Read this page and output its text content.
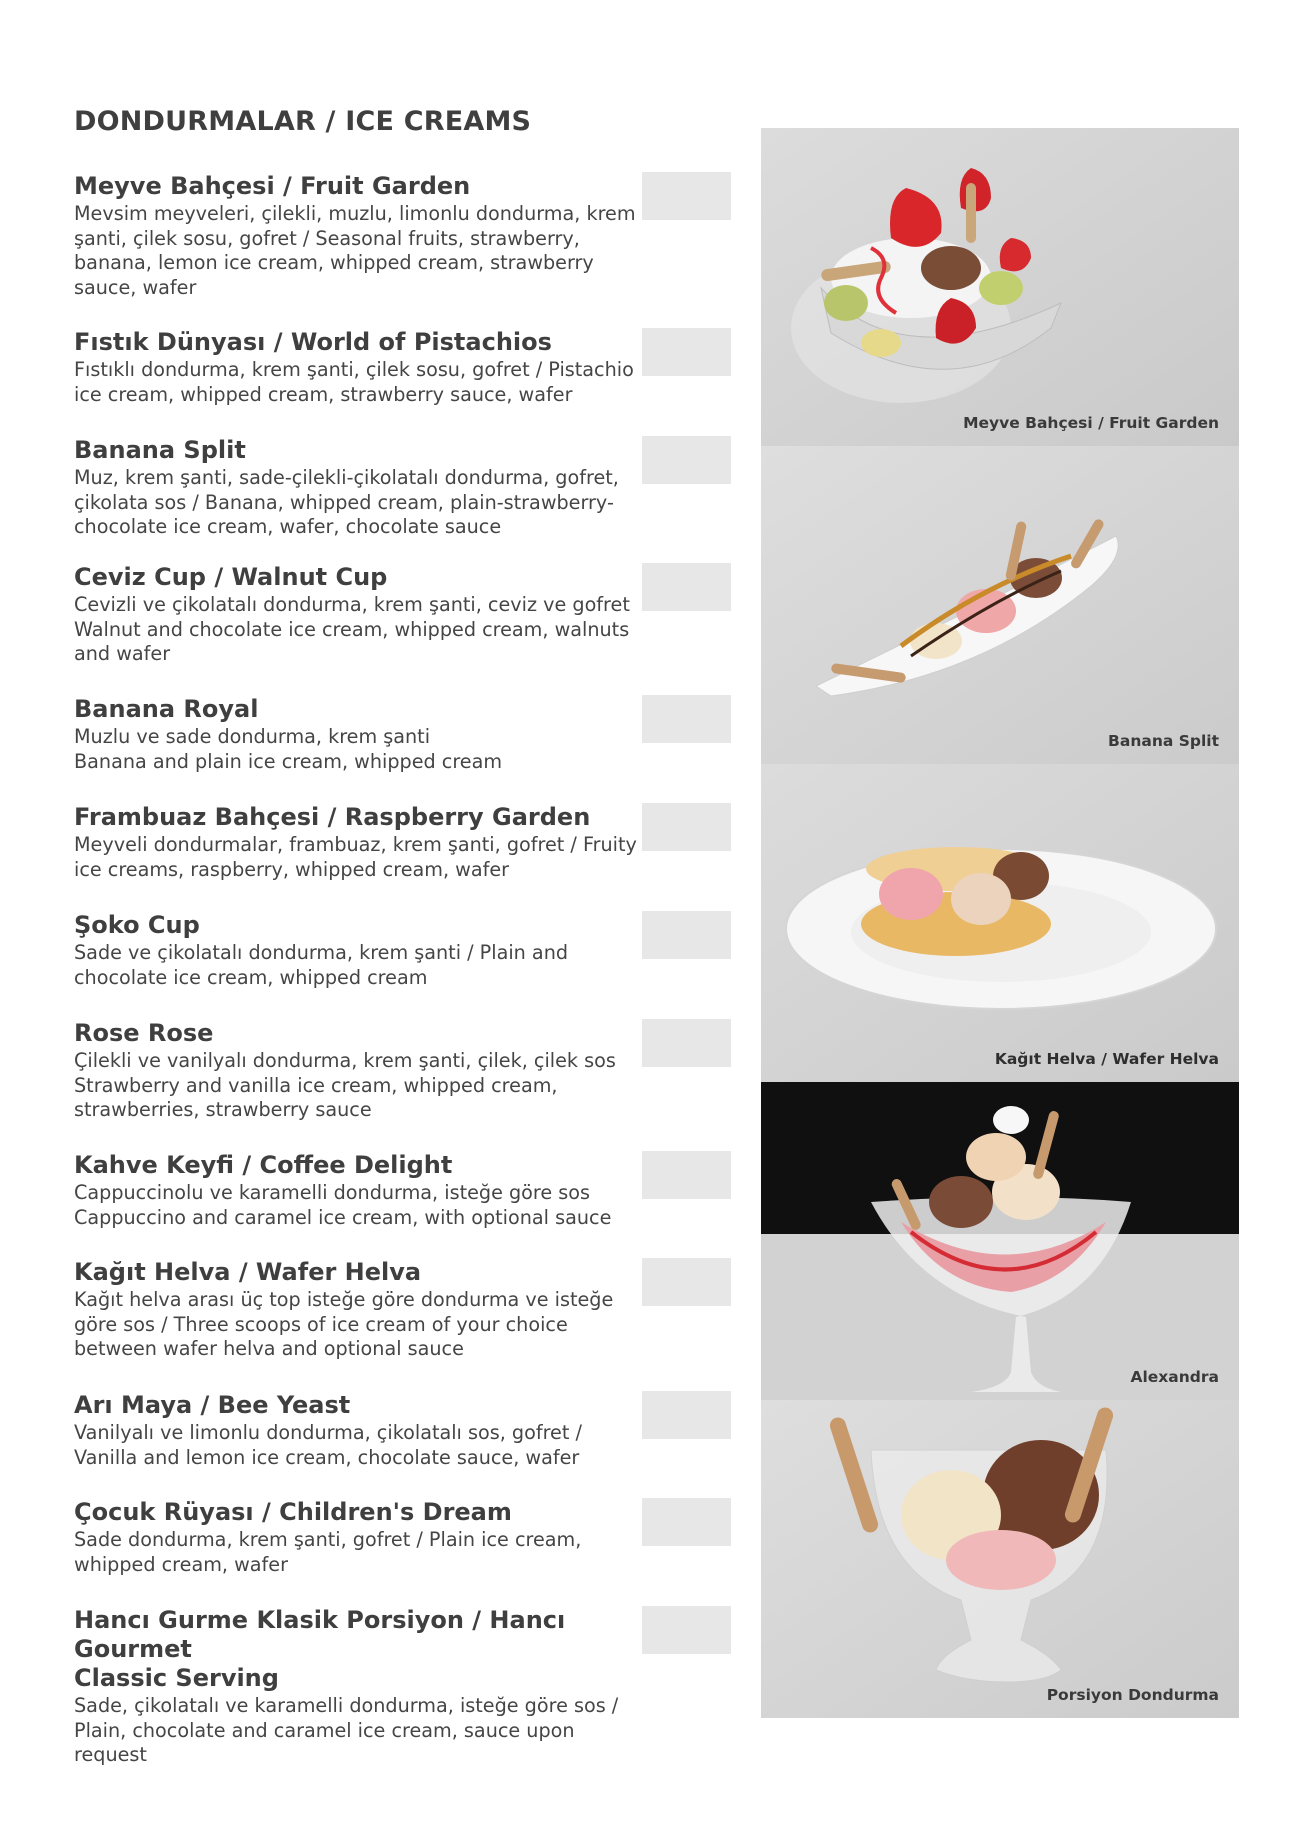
DONDURMALAR / ICE CREAMS
Meyve Bahçesi / Fruit Garden
Mevsim meyveleri, çilekli, muzlu, limonlu dondurma, krem
şanti, çilek sosu, gofret / Seasonal fruits, strawberry,
banana, lemon ice cream, whipped cream, strawberry
sauce, wafer
Fıstık Dünyası / World of Pistachios
Fıstıklı dondurma, krem şanti, çilek sosu, gofret / Pistachio
ice cream, whipped cream, strawberry sauce, wafer
Banana Split
Muz, krem şanti, sade-çilekli-çikolatalı dondurma, gofret,
çikolata sos / Banana, whipped cream, plain-strawberry-
chocolate ice cream, wafer, chocolate sauce
Ceviz Cup / Walnut Cup
Cevizli ve çikolatalı dondurma, krem şanti, ceviz ve gofret
Walnut and chocolate ice cream, whipped cream, walnuts
and wafer
Banana Royal
Muzlu ve sade dondurma, krem şanti
Banana and plain ice cream, whipped cream
Frambuaz Bahçesi / Raspberry Garden
Meyveli dondurmalar, frambuaz, krem şanti, gofret / Fruity
ice creams, raspberry, whipped cream, wafer
Şoko Cup
Sade ve çikolatalı dondurma, krem şanti / Plain and
chocolate ice cream, whipped cream
Rose Rose
Çilekli ve vanilyalı dondurma, krem şanti, çilek, çilek sos
Strawberry and vanilla ice cream, whipped cream,
strawberries, strawberry sauce
Kahve Keyfi / Coffee Delight
Cappuccinolu ve karamelli dondurma, isteğe göre sos
Cappuccino and caramel ice cream, with optional sauce
Kağıt Helva / Wafer Helva
Kağıt helva arası üç top isteğe göre dondurma ve isteğe
göre sos / Three scoops of ice cream of your choice
between wafer helva and optional sauce
Arı Maya / Bee Yeast
Vanilyalı ve limonlu dondurma, çikolatalı sos, gofret /
Vanilla and lemon ice cream, chocolate sauce, wafer
Çocuk Rüyası / Children's Dream
Sade dondurma, krem şanti, gofret / Plain ice cream,
whipped cream, wafer
Hancı Gurme Klasik Porsiyon / Hancı Gourmet
Classic Serving
Sade, çikolatalı ve karamelli dondurma, isteğe göre sos /
Plain, chocolate and caramel ice cream, sauce upon
request
Meyve Bahçesi / Fruit Garden
Banana Split
Kağıt Helva / Wafer Helva
Alexandra
Porsiyon Dondurma
